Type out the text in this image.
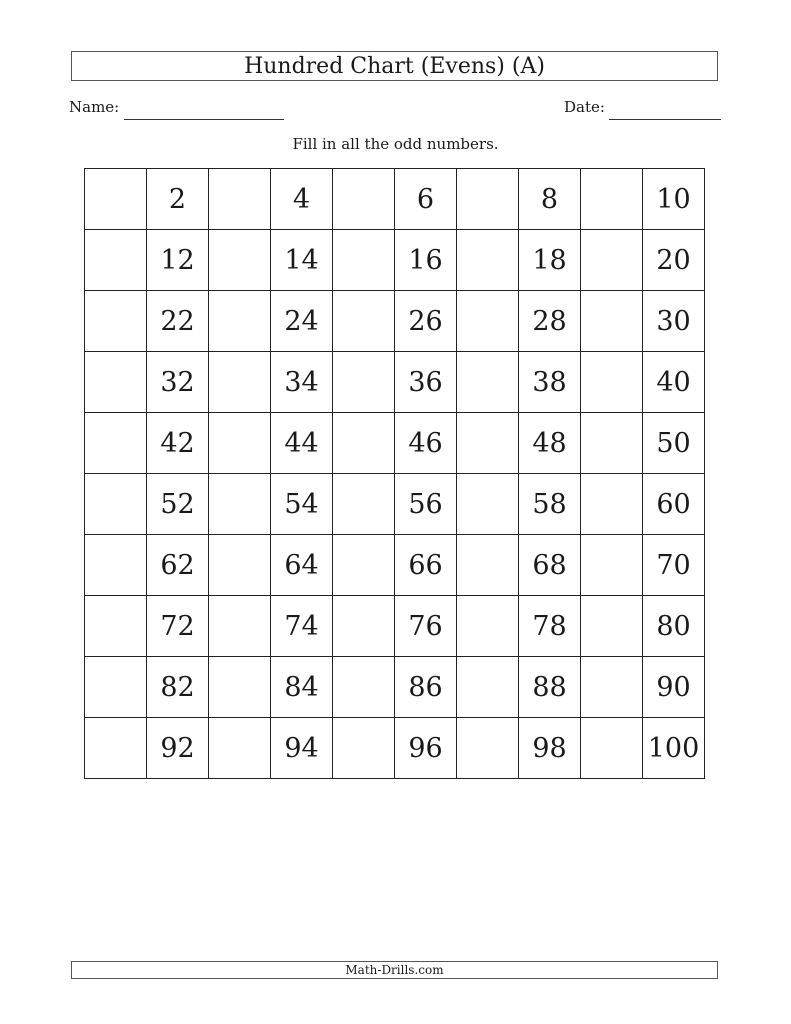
Hundred Chart (Evens) (A)
Name:	Date:
Fill in all the odd numbers.
	2		4		6		8		10
	12		14		16		18		20
	22		24		26		28		30
	32		34		36		38		40
	42		44		46		48		50
	52		54		56		58		60
	62		64		66		68		70
	72		74		76		78		80
	82		84		86		88		90
	92		94		96		98		100
Math-Drills.com
